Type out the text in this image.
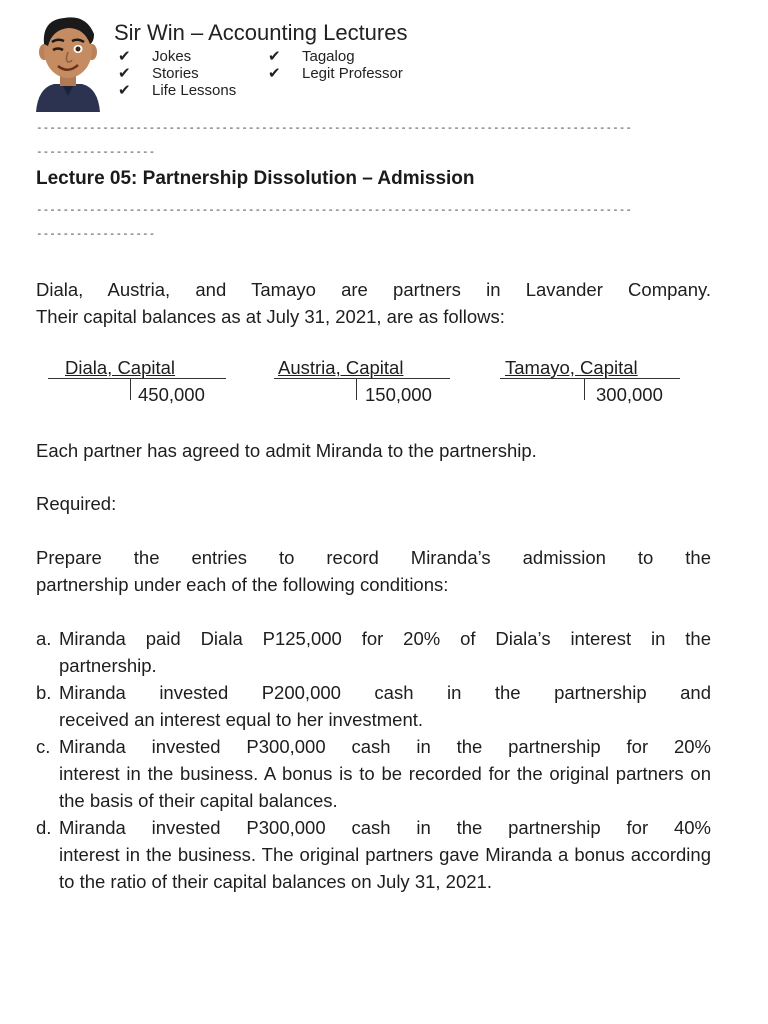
Sir Win – Accounting Lectures
✔ Jokes
✔ Stories
✔ Life Lessons
✔ Tagalog
✔ Legit Professor
------------------------------------------------------------------------------------------
------------------
Lecture 05: Partnership Dissolution – Admission
------------------------------------------------------------------------------------------
------------------
Diala, Austria, and Tamayo are partners in Lavander Company.
Their capital balances as at July 31, 2021, are as follows:
Diala, Capital
450,000
Austria, Capital
150,000
Tamayo, Capital
300,000
Each partner has agreed to admit Miranda to the partnership.
Required:
Prepare the entries to record Miranda’s admission to the
partnership under each of the following conditions:
a. Miranda paid Diala P125,000 for 20% of Diala’s interest in the
partnership.
b. Miranda invested P200,000 cash in the partnership and
received an interest equal to her investment.
c. Miranda invested P300,000 cash in the partnership for 20%
interest in the business. A bonus is to be recorded for the original partners on the basis of their capital balances.
d. Miranda invested P300,000 cash in the partnership for 40%
interest in the business. The original partners gave Miranda a bonus according to the ratio of their capital balances on July 31, 2021.
